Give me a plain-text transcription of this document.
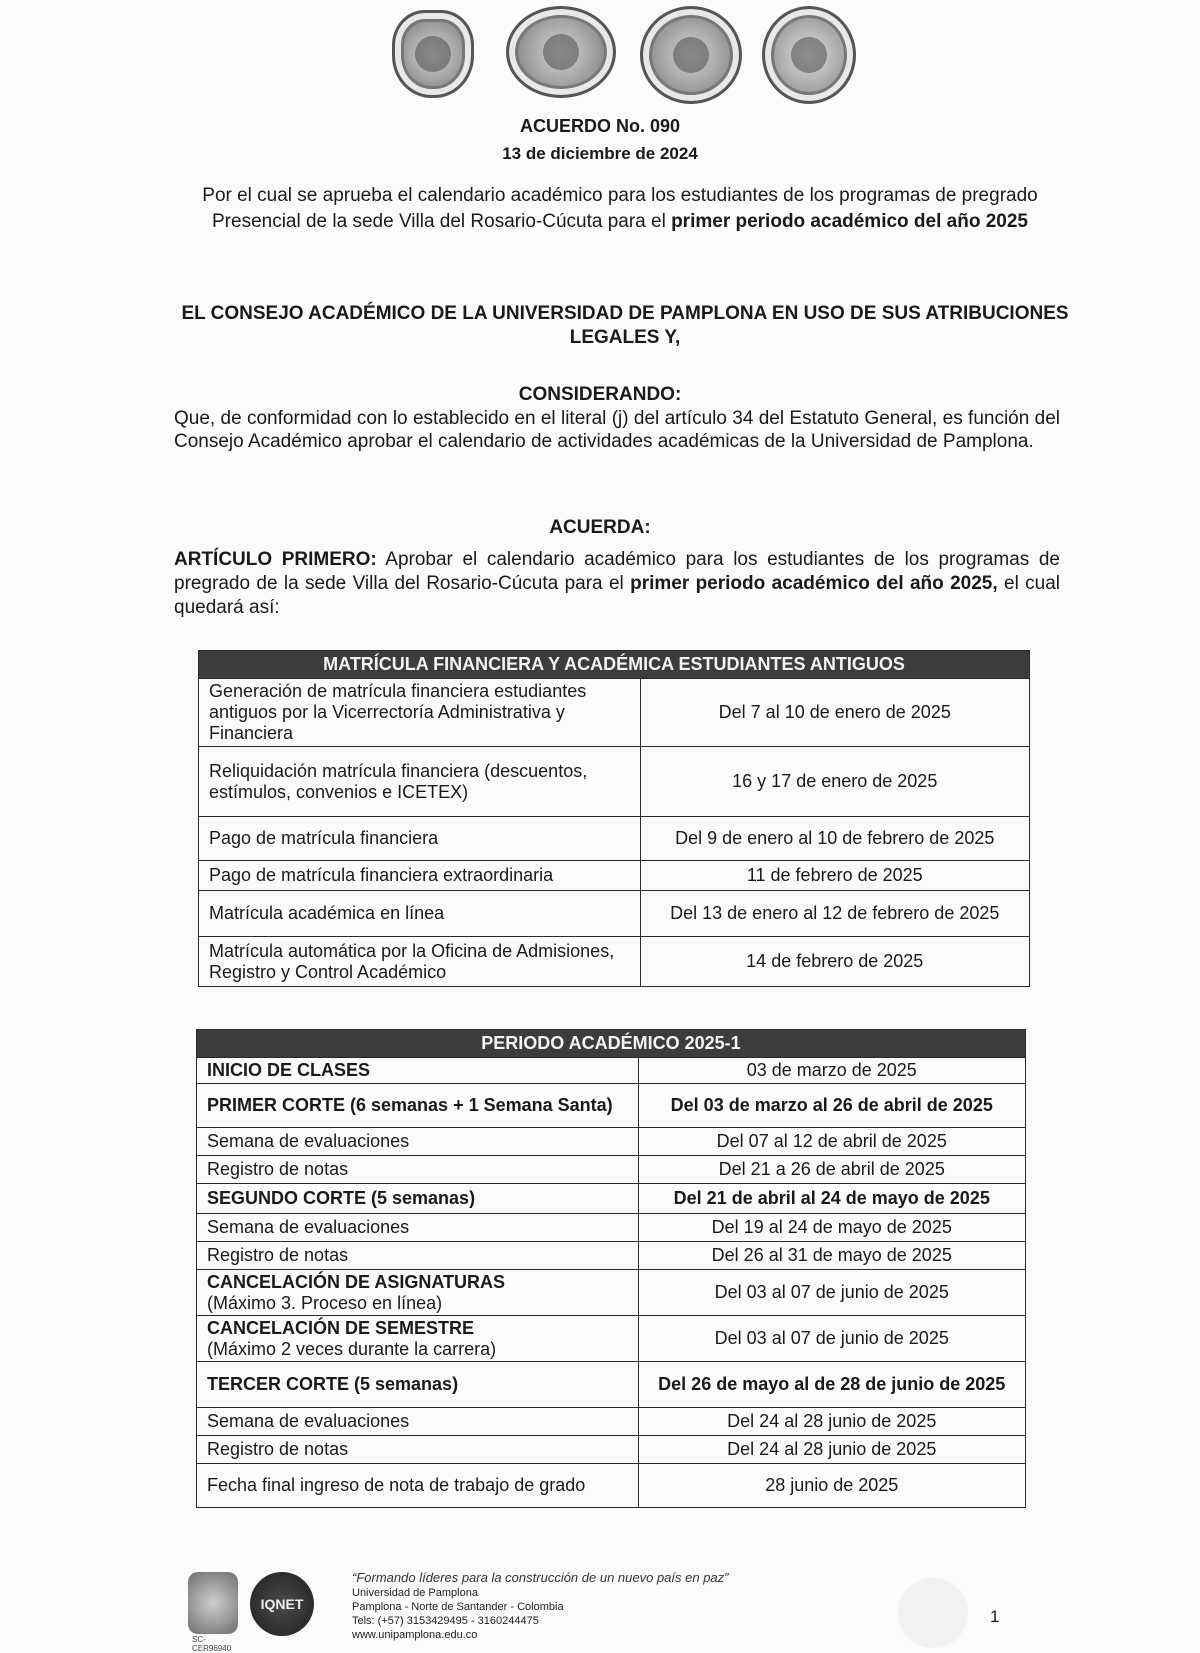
ACUERDO No. 090
13 de diciembre de 2024
Por el cual se aprueba el calendario académico para los estudiantes de los programas de pregrado Presencial de la sede Villa del Rosario-Cúcuta para el primer periodo académico del año 2025
EL CONSEJO ACADÉMICO DE LA UNIVERSIDAD DE PAMPLONA EN USO DE SUS ATRIBUCIONES LEGALES Y,
CONSIDERANDO:
Que, de conformidad con lo establecido en el literal (j) del artículo 34 del Estatuto General, es función del Consejo Académico aprobar el calendario de actividades académicas de la Universidad de Pamplona.
ACUERDA:
ARTÍCULO PRIMERO: Aprobar el calendario académico para los estudiantes de los programas de pregrado de la sede Villa del Rosario-Cúcuta para el primer periodo académico del año 2025, el cual quedará así:
MATRÍCULA FINANCIERA Y ACADÉMICA ESTUDIANTES ANTIGUOS	
Generación de matrícula financiera estudiantes antiguos por la Vicerrectoría Administrativa y Financiera	Del 7 al 10 de enero de 2025
Reliquidación matrícula financiera (descuentos, estímulos, convenios e ICETEX)	16 y 17 de enero de 2025
Pago de matrícula financiera	Del 9 de enero al 10 de febrero de 2025
Pago de matrícula financiera extraordinaria	11 de febrero de 2025
Matrícula académica en línea	Del 13 de enero al 12 de febrero de 2025
Matrícula automática por la Oficina de Admisiones, Registro y Control Académico	14 de febrero de 2025
PERIODO ACADÉMICO 2025-1	

INICIO DE CLASES	03 de marzo de 2025

PRIMER CORTE (6 semanas + 1 Semana Santa)	Del 03 de marzo al 26 de abril de 2025

Semana de evaluaciones	Del 07 al 12 de abril de 2025

Registro de notas	Del 21 a 26 de abril de 2025

SEGUNDO CORTE (5 semanas)	Del 21 de abril al 24 de mayo de 2025

Semana de evaluaciones	Del 19 al 24 de mayo de 2025

Registro de notas	Del 26 al 31 de mayo de 2025

CANCELACIÓN DE ASIGNATURAS
(Máximo 3. Proceso en línea)	Del 03 al 07 de junio de 2025

CANCELACIÓN DE SEMESTRE
(Máximo 2 veces durante la carrera)	Del 03 al 07 de junio de 2025

TERCER CORTE (5 semanas)	Del 26 de mayo al de 28 de junio de 2025

Semana de evaluaciones	Del 24 al 28 junio de 2025

Registro de notas	Del 24 al 28 junio de 2025

Fecha final ingreso de nota de trabajo de grado	28 junio de 2025
IQNET
SC-CER96940
“Formando líderes para la construcción de un nuevo país en paz”
Universidad de Pamplona
Pamplona - Norte de Santander - Colombia
Tels: (+57) 3153429495 - 3160244475
www.unipamplona.edu.co
1
